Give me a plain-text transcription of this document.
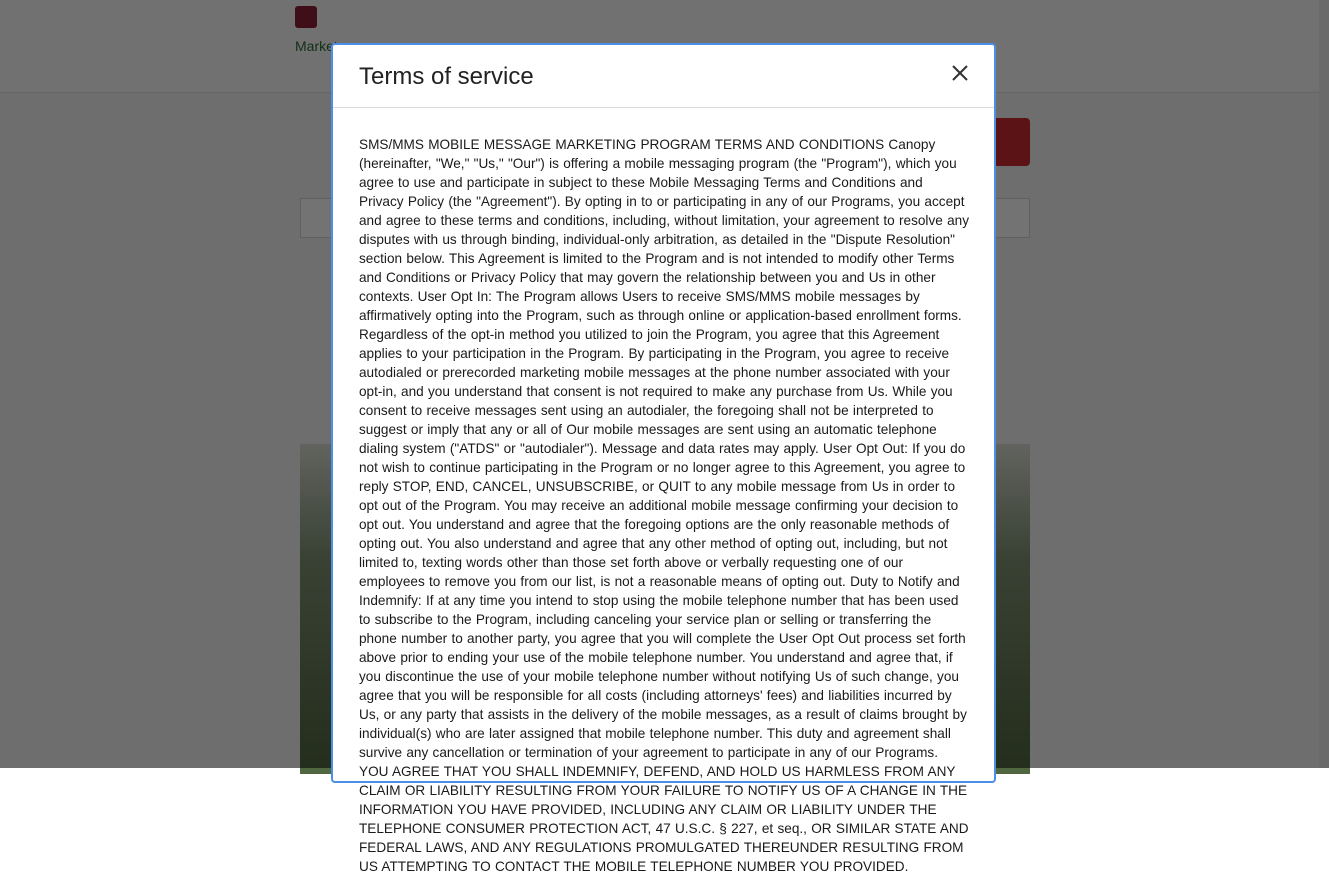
Terms of service

SMS/MMS MOBILE MESSAGE MARKETING PROGRAM TERMS AND CONDITIONS Canopy (hereinafter, "We," "Us," "Our") is offering a mobile messaging program (the "Program"), which you agree to use and participate in subject to these Mobile Messaging Terms and Conditions and Privacy Policy (the "Agreement"). By opting in to or participating in any of our Programs, you accept and agree to these terms and conditions, including, without limitation, your agreement to resolve any disputes with us through binding, individual-only arbitration, as detailed in the "Dispute Resolution" section below. This Agreement is limited to the Program and is not intended to modify other Terms and Conditions or Privacy Policy that may govern the relationship between you and Us in other contexts. User Opt In: The Program allows Users to receive SMS/MMS mobile messages by affirmatively opting into the Program, such as through online or application-based enrollment forms. Regardless of the opt-in method you utilized to join the Program, you agree that this Agreement applies to your participation in the Program. By participating in the Program, you agree to receive autodialed or prerecorded marketing mobile messages at the phone number associated with your opt-in, and you understand that consent is not required to make any purchase from Us. While you consent to receive messages sent using an autodialer, the foregoing shall not be interpreted to suggest or imply that any or all of Our mobile messages are sent using an automatic telephone dialing system ("ATDS" or "autodialer"). Message and data rates may apply. User Opt Out: If you do not wish to continue participating in the Program or no longer agree to this Agreement, you agree to reply STOP, END, CANCEL, UNSUBSCRIBE, or QUIT to any mobile message from Us in order to opt out of the Program. You may receive an additional mobile message confirming your decision to opt out. You understand and agree that the foregoing options are the only reasonable methods of opting out. You also understand and agree that any other method of opting out, including, but not limited to, texting words other than those set forth above or verbally requesting one of our employees to remove you from our list, is not a reasonable means of opting out. Duty to Notify and Indemnify: If at any time you intend to stop using the mobile telephone number that has been used to subscribe to the Program, including canceling your service plan or selling or transferring the phone number to another party, you agree that you will complete the User Opt Out process set forth above prior to ending your use of the mobile telephone number. You understand and agree that, if you discontinue the use of your mobile telephone number without notifying Us of such change, you agree that you will be responsible for all costs (including attorneys' fees) and liabilities incurred by Us, or any party that assists in the delivery of the mobile messages, as a result of claims brought by individual(s) who are later assigned that mobile telephone number. This duty and agreement shall survive any cancellation or termination of your agreement to participate in any of our Programs. YOU AGREE THAT YOU SHALL INDEMNIFY, DEFEND, AND HOLD US HARMLESS FROM ANY CLAIM OR LIABILITY RESULTING FROM YOUR FAILURE TO NOTIFY US OF A CHANGE IN THE INFORMATION YOU HAVE PROVIDED, INCLUDING ANY CLAIM OR LIABILITY UNDER THE TELEPHONE CONSUMER PROTECTION ACT, 47 U.S.C. § 227, et seq., OR SIMILAR STATE AND FEDERAL LAWS, AND ANY REGULATIONS PROMULGATED THEREUNDER RESULTING FROM US ATTEMPTING TO CONTACT THE MOBILE TELEPHONE NUMBER YOU PROVIDED.
